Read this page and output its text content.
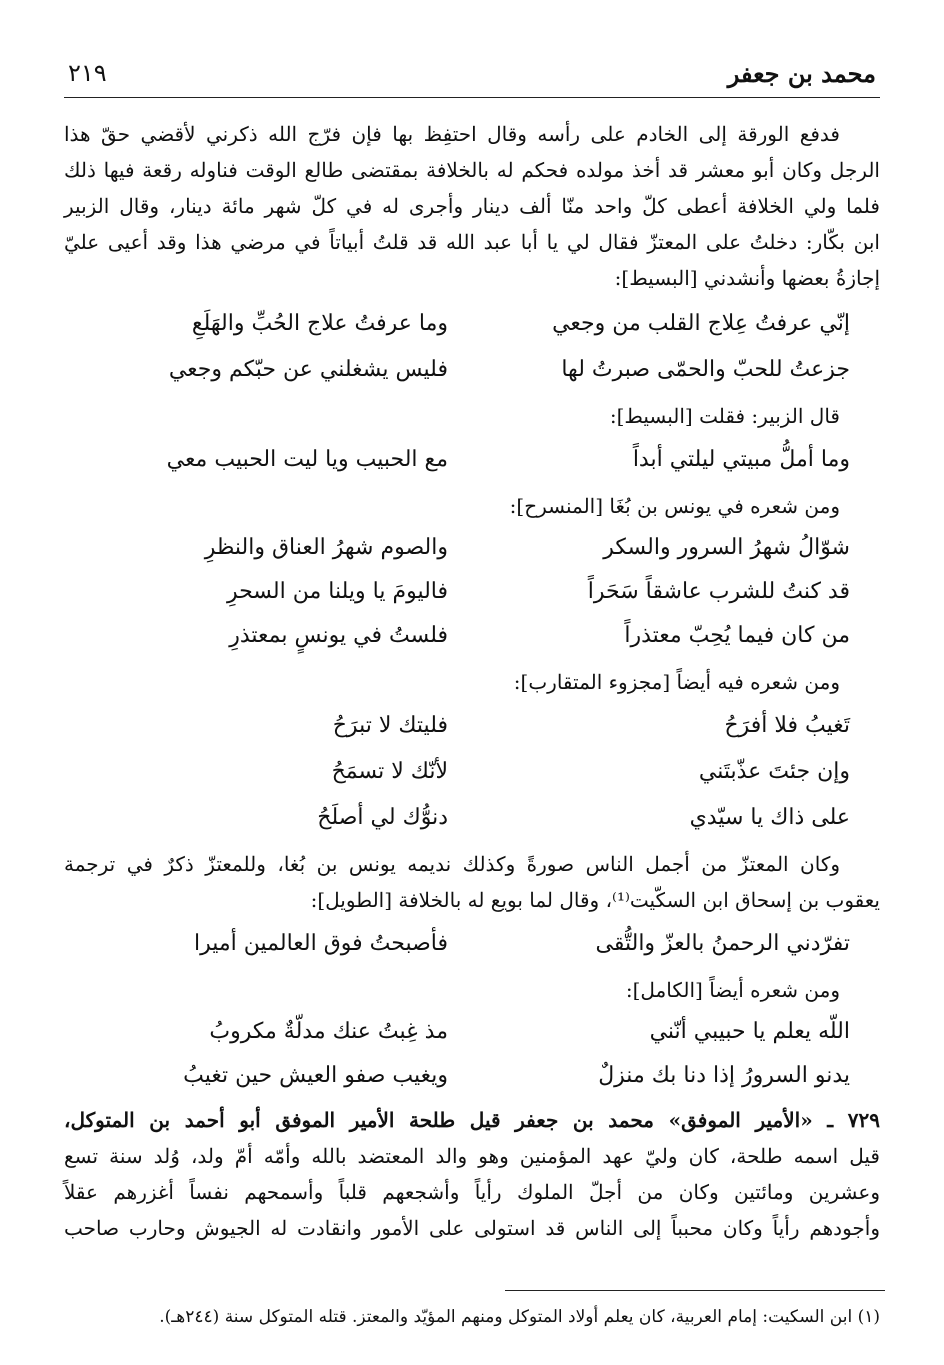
٢١٩	محمد بن جعفر
فدفع الورقة إلى الخادم على رأسه وقال احتفِظ بها فإن فرّج الله ذكرني لأقضي حقّ هذا
الرجل وكان أبو معشر قد أخذ مولده فحكم له بالخلافة بمقتضى طالع الوقت فناوله رقعة فيها ذلك
فلما ولي الخلافة أعطى كلّ واحد منّا ألف دينار وأجرى له في كلّ شهر مائة دينار، وقال الزبير
ابن بكّار: دخلتُ على المعتزّ فقال لي يا أبا عبد الله قد قلتُ أبياتاً في مرضي هذا وقد أعيى عليّ
إجازةُ بعضها وأنشدني [البسيط]:
إنّي عرفتُ عِلاج القلب من وجعي
وما عرفتُ علاج الحُبِّ والهَلَعِ
جزعتُ للحبّ والحمّى صبرتُ لها
فليس يشغلني عن حبّكم وجعي
قال الزبير: فقلت [البسيط]:
وما أملُّ مبيتي ليلتي أبداً
مع الحبيب ويا ليت الحبيب معي
ومن شعره في يونس بن بُغَا [المنسرح]:
شوّالُ شهرُ السرور والسكر
والصوم شهرُ العناق والنظرِ
قد كنتُ للشرب عاشقاً سَحَراً
فاليومَ يا ويلنا من السحرِ
من كان فيما يُحِبّ معتذراً
فلستُ في يونسٍ بمعتذرِ
ومن شعره فيه أيضاً [مجزوء المتقارب]:
تَغيبُ فلا أفرَحُ
فليتك لا تبرَحُ
وإن جئتَ عذّبتَني
لأنّك لا تسمَحُ
على ذاك يا سيّدي
دنوُّك لي أصلَحُ
وكان المعتزّ من أجمل الناس صورةً وكذلك نديمه يونس بن بُغا، وللمعتزّ ذكرٌ في ترجمة
يعقوب بن إسحاق ابن السكّيت⁽¹⁾، وقال لما بويع له بالخلافة [الطويل]:
تفرّدني الرحمنُ بالعزّ والتُّقى
فأصبحتُ فوق العالمين أميرا
ومن شعره أيضاً [الكامل]:
اللّه يعلم يا حبيبي أنّني
مذ غِبتُ عنك مدلّةٌ مكروبُ
يدنو السرورُ إذا دنا بك منزلٌ
ويغيب صفو العيش حين تغيبُ
٧٢٩ ـ «الأمير الموفق» محمد بن جعفر قيل طلحة الأمير الموفق أبو أحمد بن المتوكل،
قيل اسمه طلحة، كان وليّ عهد المؤمنين وهو والد المعتضد بالله وأمّه أمّ ولد، وُلد سنة تسع
وعشرين ومائتين وكان من أجلّ الملوك رأياً وأشجعهم قلباً وأسمحهم نفساً أغزرهم عقلاً
وأجودهم رأياً وكان محبباً إلى الناس قد استولى على الأمور وانقادت له الجيوش وحارب صاحب
(١) ابن السكيت: إمام العربية، كان يعلم أولاد المتوكل ومنهم المؤيّد والمعتز. قتله المتوكل سنة (٢٤٤هـ).
